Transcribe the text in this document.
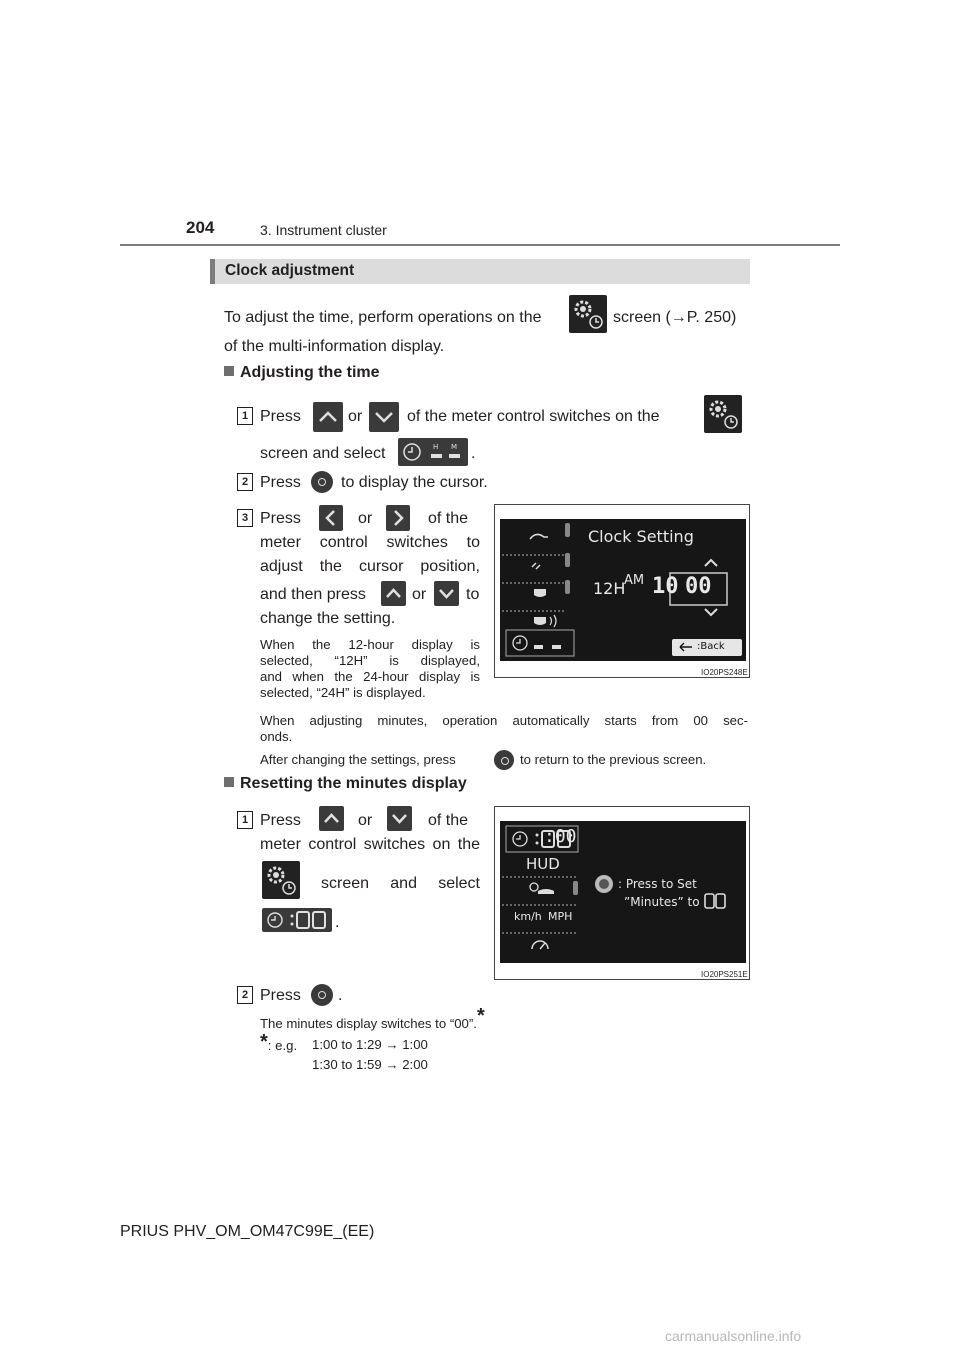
204	3. Instrument cluster
Clock adjustment
To adjust the time, perform operations on the	screen (→P. 250)
of the multi-information display.
Adjusting the time
1 Press	or	of the meter control switches on the
screen and select	H M .
2 Press	to display the cursor.
3 Press	or	of the
meter control switches to
adjust the cursor position,
and then press	or to
change the setting.
When the 12-hour display is
selected, “12H” is displayed,
and when the 24-hour display is
selected, “24H” is displayed.
Clock Setting
12H
AM 10 00
:Back
IO20PS248E
When adjusting minutes, operation automatically starts from 00 sec-
onds.
After changing the settings, press	to return to the previous screen.
Resetting the minutes display
1 Press	or	of the
meter control switches on the
screen and select
.
:00
HUD
km/h MPH
: Press to Set
”Minutes” to
IO20PS251E
2 Press .
The minutes display switches to “00”.*
*: e.g. 1:00 to 1:29 → 1:00
1:30 to 1:59 → 2:00
PRIUS PHV_OM_OM47C99E_(EE)
carmanualsonline.info
